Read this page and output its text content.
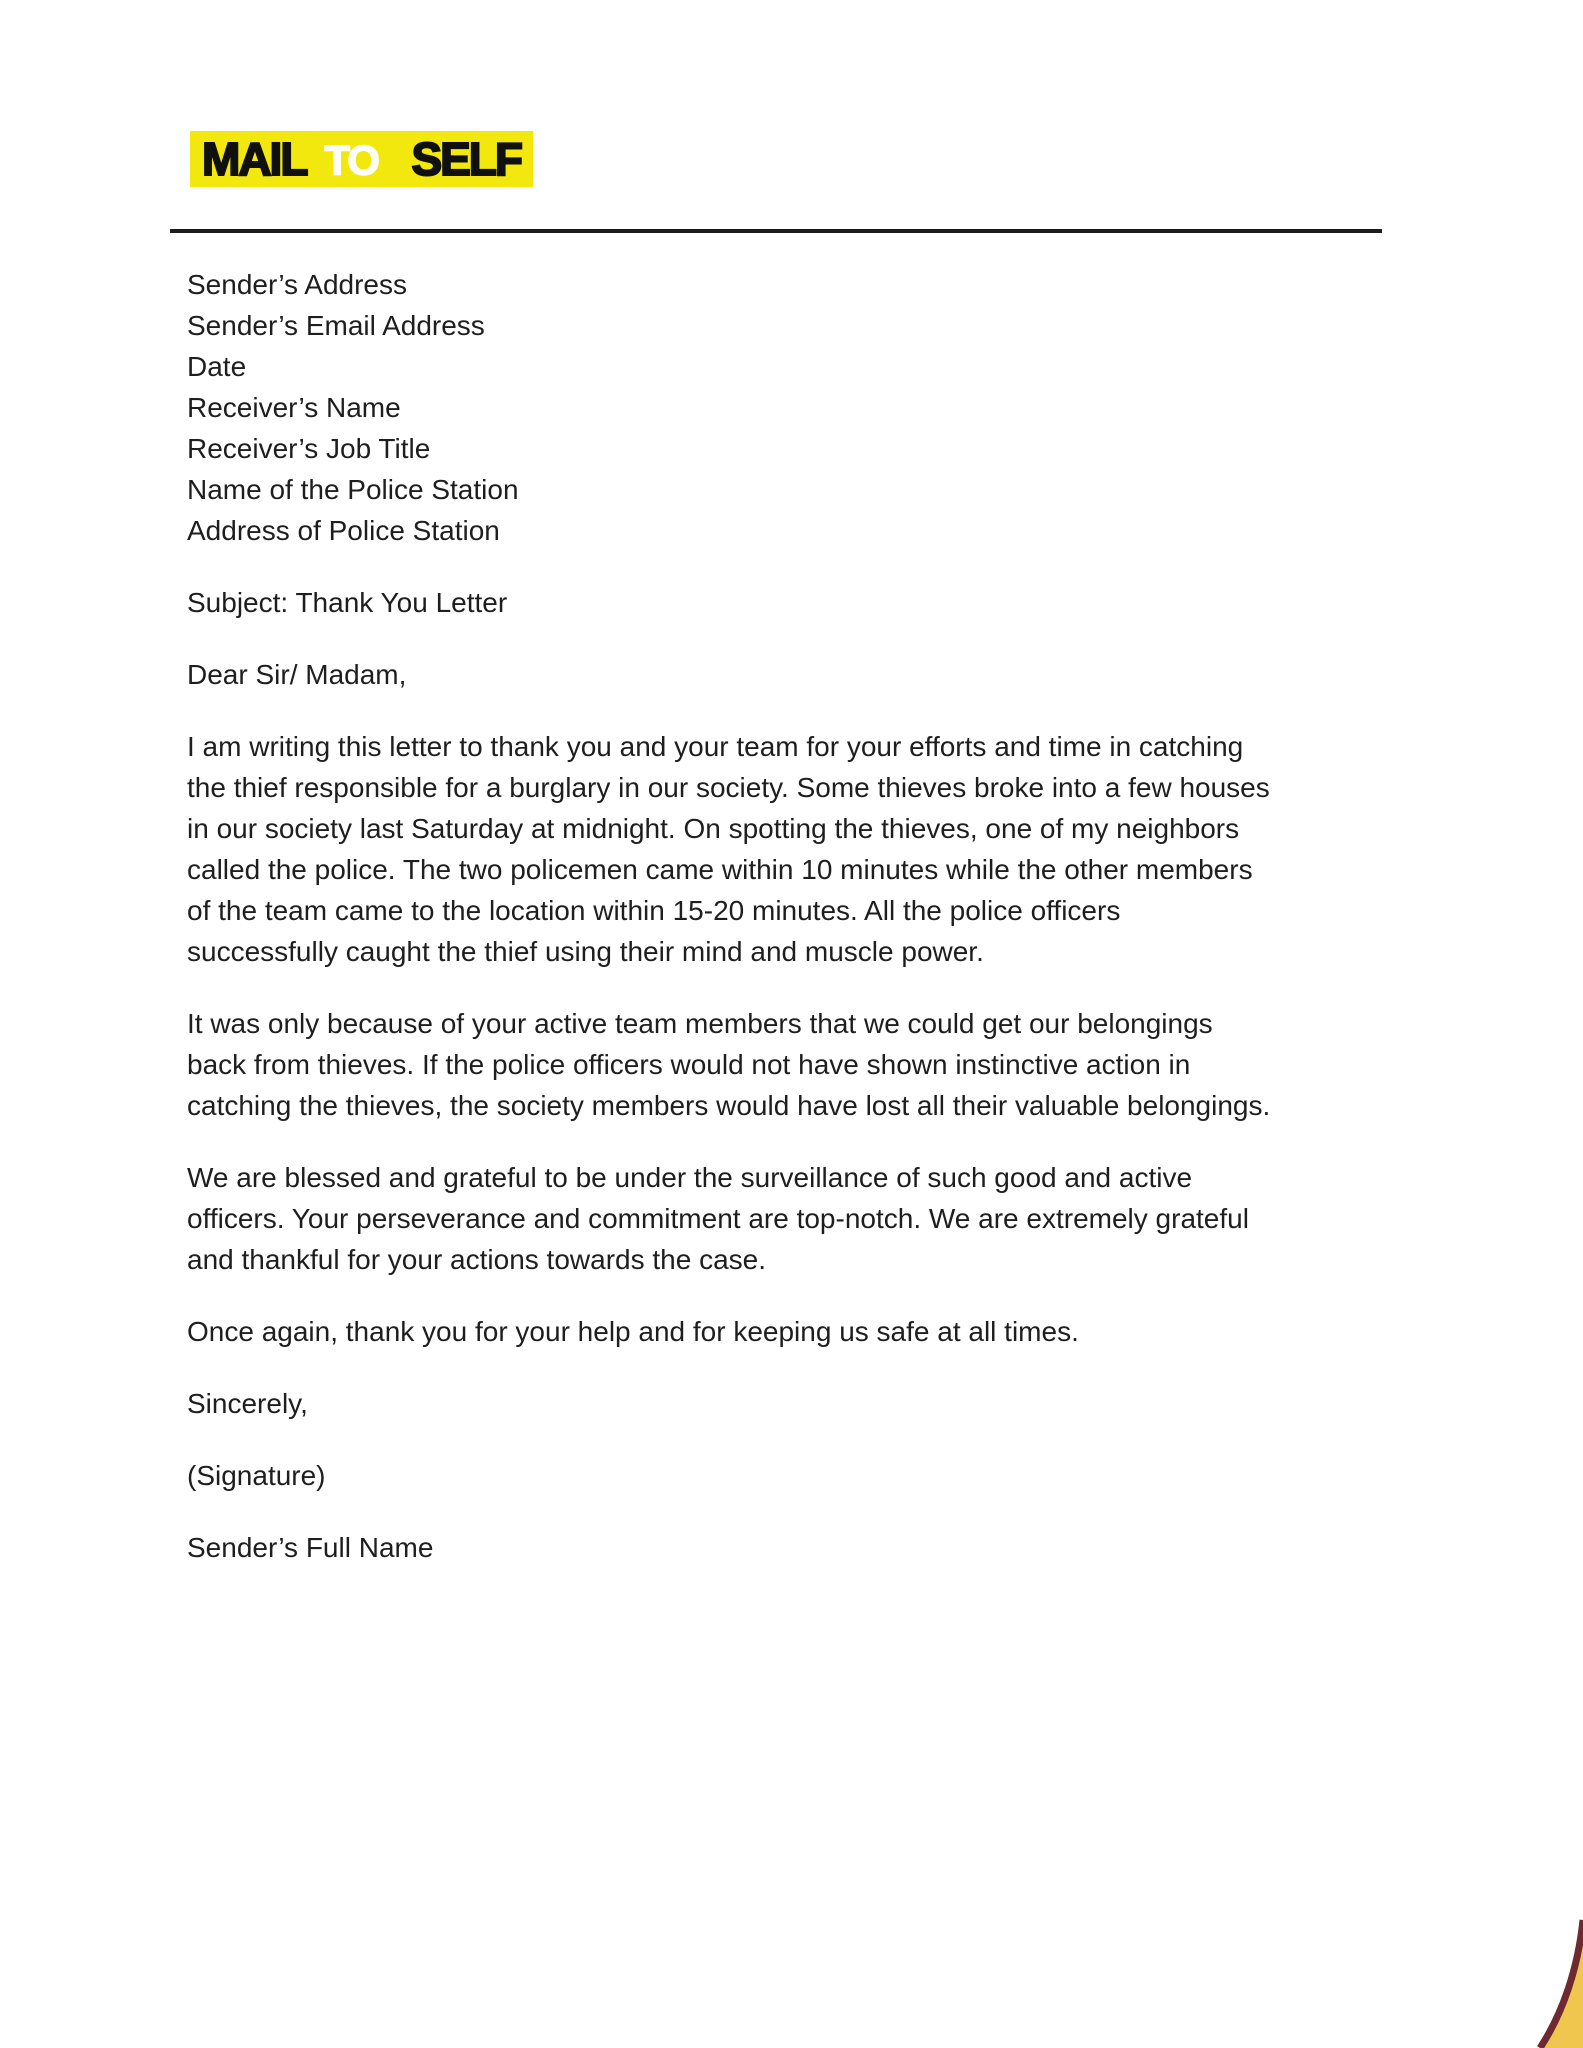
MAIL TO SELF
Sender’s Address
Sender’s Email Address
Date
Receiver’s Name
Receiver’s Job Title
Name of the Police Station
Address of Police Station
Subject: Thank You Letter
Dear Sir/ Madam,
I am writing this letter to thank you and your team for your efforts and time in catching
the thief responsible for a burglary in our society. Some thieves broke into a few houses
in our society last Saturday at midnight. On spotting the thieves, one of my neighbors
called the police. The two policemen came within 10 minutes while the other members
of the team came to the location within 15-20 minutes. All the police officers
successfully caught the thief using their mind and muscle power.
It was only because of your active team members that we could get our belongings
back from thieves. If the police officers would not have shown instinctive action in
catching the thieves, the society members would have lost all their valuable belongings.
We are blessed and grateful to be under the surveillance of such good and active
officers. Your perseverance and commitment are top-notch. We are extremely grateful
and thankful for your actions towards the case.
Once again, thank you for your help and for keeping us safe at all times.
Sincerely,
(Signature)
Sender’s Full Name
